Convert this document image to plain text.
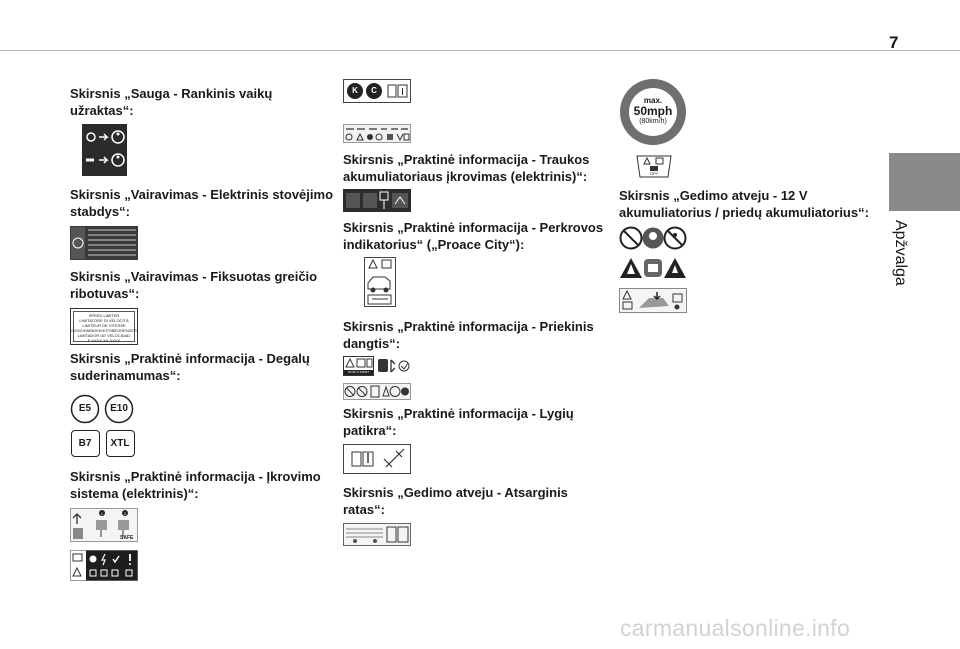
7
Apžvalga
Skirsnis „Sauga - Rankinis vaikų užraktas“:
Skirsnis „Vairavimas - Elektrinis stovėjimo stabdys“:
Skirsnis „Vairavimas - Fiksuotas greičio ribotuvas“:
SPEED LIMITER
LIMITATORE DI VELOCITÀ
LIMITEUR DE VITESSE
GESCHWINDIGKEITSBEGRENZER
LIMITADOR DE VELOCIDAD
F XXXX XX XXXX
Skirsnis „Praktinė informacija - Degalų suderinamumas“:
E5	E10
B7	XTL
Skirsnis „Praktinė informacija - Įkrovimo sistema (elektrinis)“:
1	2
SAFE
K C
Skirsnis „Praktinė informacija - Traukos akumuliatoriaus įkrovimas (elektrinis)“:
Skirsnis „Praktinė informacija - Perkrovos indikatorius“ („Proace City“):
Skirsnis „Praktinė informacija - Priekinis dangtis“:
STOP & START SYSTEM
Skirsnis „Praktinė informacija - Lygių patikra“:
Skirsnis „Gedimo atveju - Atsarginis ratas“:
max.
50mph
(80km/h)
OFF
Skirsnis „Gedimo atveju - 12 V akumuliatorius / priedų akumuliatorius“:
carmanualsonline.info
